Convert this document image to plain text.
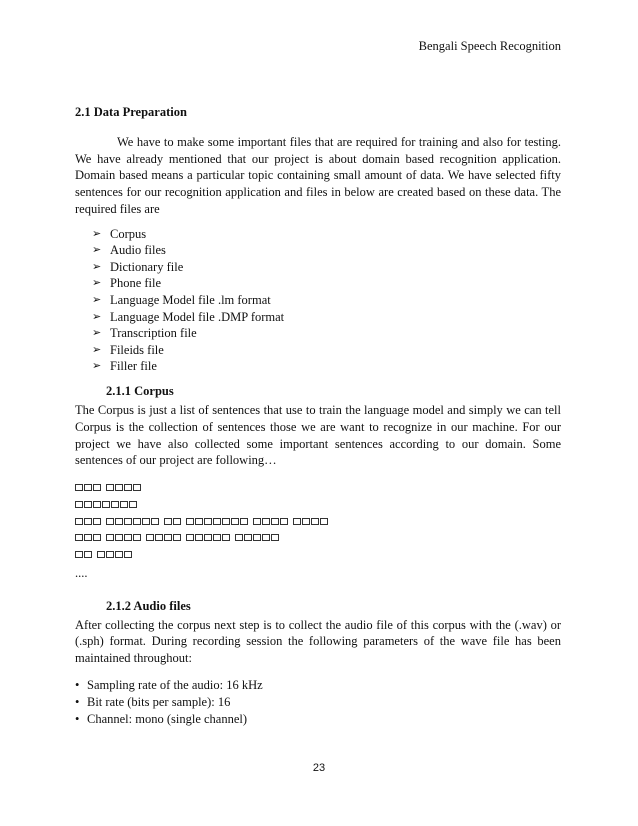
Bengali Speech Recognition
2.1 Data Preparation

We have to make some important files that are required for training and also for testing. We have already mentioned that our project is about domain based recognition application. Domain based means a particular topic containing small amount of data. We have selected fifty sentences for our recognition application and files in below are created based on these data. The required files are

➢ Corpus
➢ Audio files
➢ Dictionary file
➢ Phone file
➢ Language Model file .lm format
➢ Language Model file .DMP format
➢ Transcription file
➢ Fileids file
➢ Filler file
2.1.1 Corpus

The Corpus is just a list of sentences that use to train the language model and simply we can tell Corpus is the collection of sentences those we are want to recognize in our machine. For our project we have also collected some important sentences according to our domain. Some sentences of our project are following…

....
2.1.2 Audio files

After collecting the corpus next step is to collect the audio file of this corpus with the (.wav) or (.sph) format. During recording session the following parameters of the wave file has been maintained throughout:

• Sampling rate of the audio: 16 kHz
• Bit rate (bits per sample): 16
• Channel: mono (single channel)
23
